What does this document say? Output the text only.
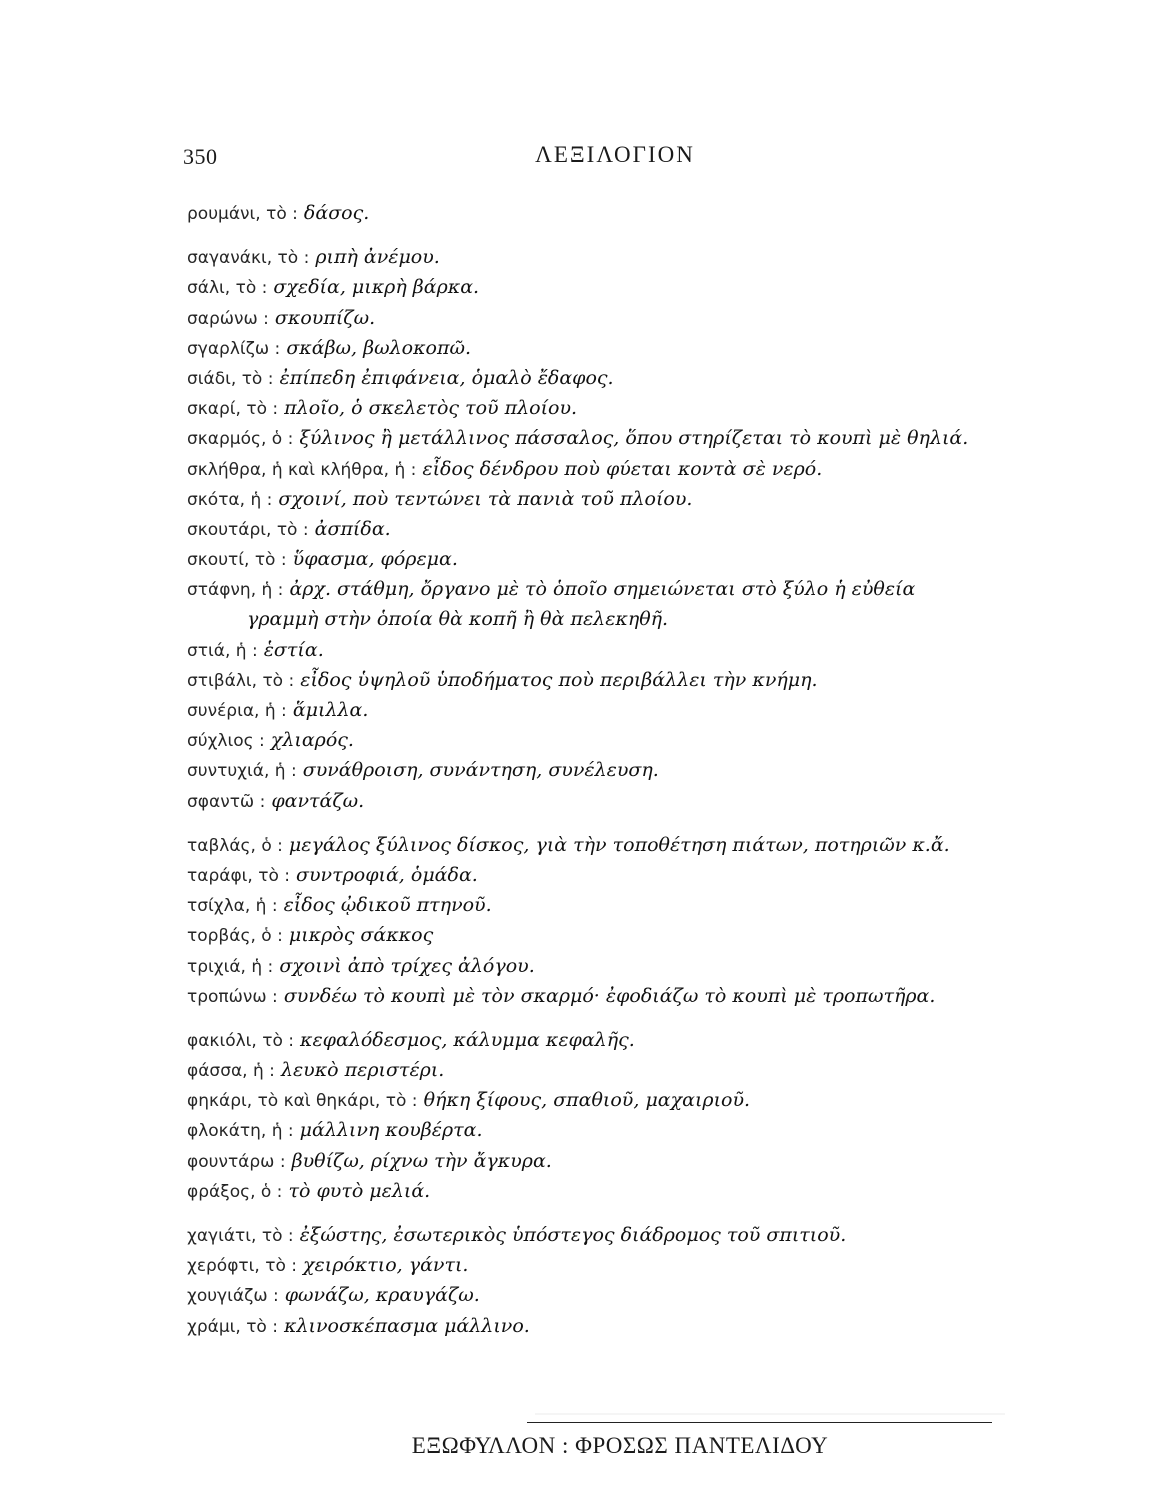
350	ΛΕΞΙΛΟΓΙΟΝ
ρουμάνι, τὸ : δάσος.
σαγανάκι, τὸ : ριπὴ ἀνέμου.
σάλι, τὸ : σχεδία, μικρὴ βάρκα.
σαρώνω : σκουπίζω.
σγαρλίζω : σκάβω, βωλοκοπῶ.
σιάδι, τὸ : ἐπίπεδη ἐπιφάνεια, ὁμαλὸ ἔδαφος.
σκαρί, τὸ : πλοῖο, ὁ σκελετὸς τοῦ πλοίου.
σκαρμός, ὁ : ξύλινος ἢ μετάλλινος πάσσαλος, ὅπου στηρίζεται τὸ κουπὶ μὲ θηλιά.
σκλήθρα, ἡ καὶ κλήθρα, ἡ : εἶδος δένδρου ποὺ φύεται κοντὰ σὲ νερό.
σκότα, ἡ : σχοινί, ποὺ τεντώνει τὰ πανιὰ τοῦ πλοίου.
σκουτάρι, τὸ : ἀσπίδα.
σκουτί, τὸ : ὕφασμα, φόρεμα.
στάφνη, ἡ : ἀρχ. στάθμη, ὄργανο μὲ τὸ ὁποῖο σημειώνεται στὸ ξύλο ἡ εὐθεία
γραμμὴ στὴν ὁποία θὰ κοπῆ ἢ θὰ πελεκηθῆ.
στιά, ἡ : ἑστία.
στιβάλι, τὸ : εἶδος ὑψηλοῦ ὑποδήματος ποὺ περιβάλλει τὴν κνήμη.
συνέρια, ἡ : ἅμιλλα.
σύχλιος : χλιαρός.
συντυχιά, ἡ : συνάθροιση, συνάντηση, συνέλευση.
σφαντῶ : φαντάζω.
ταβλάς, ὁ : μεγάλος ξύλινος δίσκος, γιὰ τὴν τοποθέτηση πιάτων, ποτηριῶν κ.ἄ.
ταράφι, τὸ : συντροφιά, ὁμάδα.
τσίχλα, ἡ : εἶδος ᾠδικοῦ πτηνοῦ.
τορβάς, ὁ : μικρὸς σάκκος
τριχιά, ἡ : σχοινὶ ἀπὸ τρίχες ἀλόγου.
τροπώνω : συνδέω τὸ κουπὶ μὲ τὸν σκαρμό· ἐφοδιάζω τὸ κουπὶ μὲ τροπωτῆρα.
φακιόλι, τὸ : κεφαλόδεσμος, κάλυμμα κεφαλῆς.
φάσσα, ἡ : λευκὸ περιστέρι.
φηκάρι, τὸ καὶ θηκάρι, τὸ : θήκη ξίφους, σπαθιοῦ, μαχαιριοῦ.
φλοκάτη, ἡ : μάλλινη κουβέρτα.
φουντάρω : βυθίζω, ρίχνω τὴν ἄγκυρα.
φράξος, ὁ : τὸ φυτὸ μελιά.
χαγιάτι, τὸ : ἐξώστης, ἐσωτερικὸς ὑπόστεγος διάδρομος τοῦ σπιτιοῦ.
χερόφτι, τὸ : χειρόκτιο, γάντι.
χουγιάζω : φωνάζω, κραυγάζω.
χράμι, τὸ : κλινοσκέπασμα μάλλινο.
ΕΞΩΦΥΛΛΟΝ : ΦΡΟΣΩΣ ΠΑΝΤΕΛΙΔΟΥ
